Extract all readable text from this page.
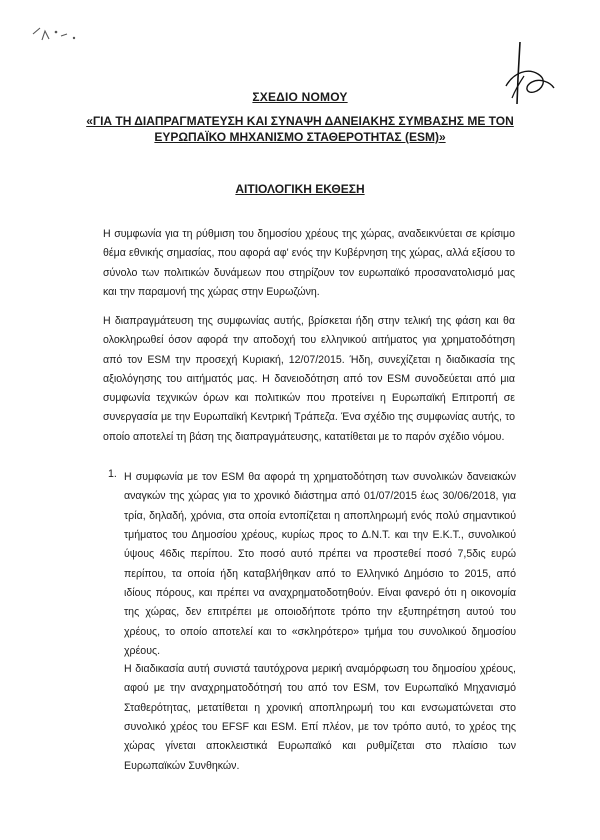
ΣΧΕΔΙΟ ΝΟΜΟΥ
«ΓΙΑ ΤΗ ΔΙΑΠΡΑΓΜΑΤΕΥΣΗ ΚΑΙ ΣΥΝΑΨΗ ΔΑΝΕΙΑΚΗΣ ΣΥΜΒΑΣΗΣ ΜΕ ΤΟΝ
ΕΥΡΩΠΑΪΚΟ ΜΗΧΑΝΙΣΜΟ ΣΤΑΘΕΡΟΤΗΤΑΣ (ESM)»
ΑΙΤΙΟΛΟΓΙΚΗ ΕΚΘΕΣΗ

Η συμφωνία για τη ρύθμιση του δημοσίου χρέους της χώρας, αναδεικνύεται σε κρίσιμο θέμα εθνικής σημασίας, που αφορά αφ' ενός την Κυβέρνηση της χώρας, αλλά εξίσου το σύνολο των πολιτικών δυνάμεων που στηρίζουν τον ευρωπαϊκό προσανατολισμό μας και την παραμονή της χώρας στην Ευρωζώνη.

Η διαπραγμάτευση της συμφωνίας αυτής, βρίσκεται ήδη στην τελική της φάση και θα ολοκληρωθεί όσον αφορά την αποδοχή του ελληνικού αιτήματος για χρηματοδότηση από τον ESM την προσεχή Κυριακή, 12/07/2015. Ήδη, συνεχίζεται η διαδικασία της αξιολόγησης του αιτήματός μας. Η δανειοδότηση από τον ESM συνοδεύεται από μια συμφωνία τεχνικών όρων και πολιτικών που προτείνει η Ευρωπαϊκή Επιτροπή σε συνεργασία με την Ευρωπαϊκή Κεντρική Τράπεζα. Ένα σχέδιο της συμφωνίας αυτής, το οποίο αποτελεί τη βάση της διαπραγμάτευσης, κατατίθεται με το παρόν σχέδιο νόμου.

1. Η συμφωνία με τον ESM θα αφορά τη χρηματοδότηση των συνολικών δανειακών αναγκών της χώρας για το χρονικό διάστημα από 01/07/2015 έως 30/06/2018, για τρία, δηλαδή, χρόνια, στα οποία εντοπίζεται η αποπληρωμή ενός πολύ σημαντικού τμήματος του Δημοσίου χρέους, κυρίως προς το Δ.Ν.Τ. και την Ε.Κ.Τ., συνολικού ύψους 46δις περίπου. Στο ποσό αυτό πρέπει να προστεθεί ποσό 7,5δις ευρώ περίπου, τα οποία ήδη καταβλήθηκαν από το Ελληνικό Δημόσιο το 2015, από ιδίους πόρους, και πρέπει να αναχρηματοδοτηθούν. Είναι φανερό ότι η οικονομία της χώρας, δεν επιτρέπει με οποιοδήποτε τρόπο την εξυπηρέτηση αυτού του χρέους, το οποίο αποτελεί και το «σκληρότερο» τμήμα του συνολικού δημοσίου χρέους.

Η διαδικασία αυτή συνιστά ταυτόχρονα μερική αναμόρφωση του δημοσίου χρέους, αφού με την αναχρηματοδότησή του από τον ESM, τον Ευρωπαϊκό Μηχανισμό Σταθερότητας, μετατίθεται η χρονική αποπληρωμή του και ενσωματώνεται στο συνολικό χρέος του EFSF και ESM. Επί πλέον, με τον τρόπο αυτό, το χρέος της χώρας γίνεται αποκλειστικά Ευρωπαϊκό και ρυθμίζεται στο πλαίσιο των Ευρωπαϊκών Συνθηκών.
